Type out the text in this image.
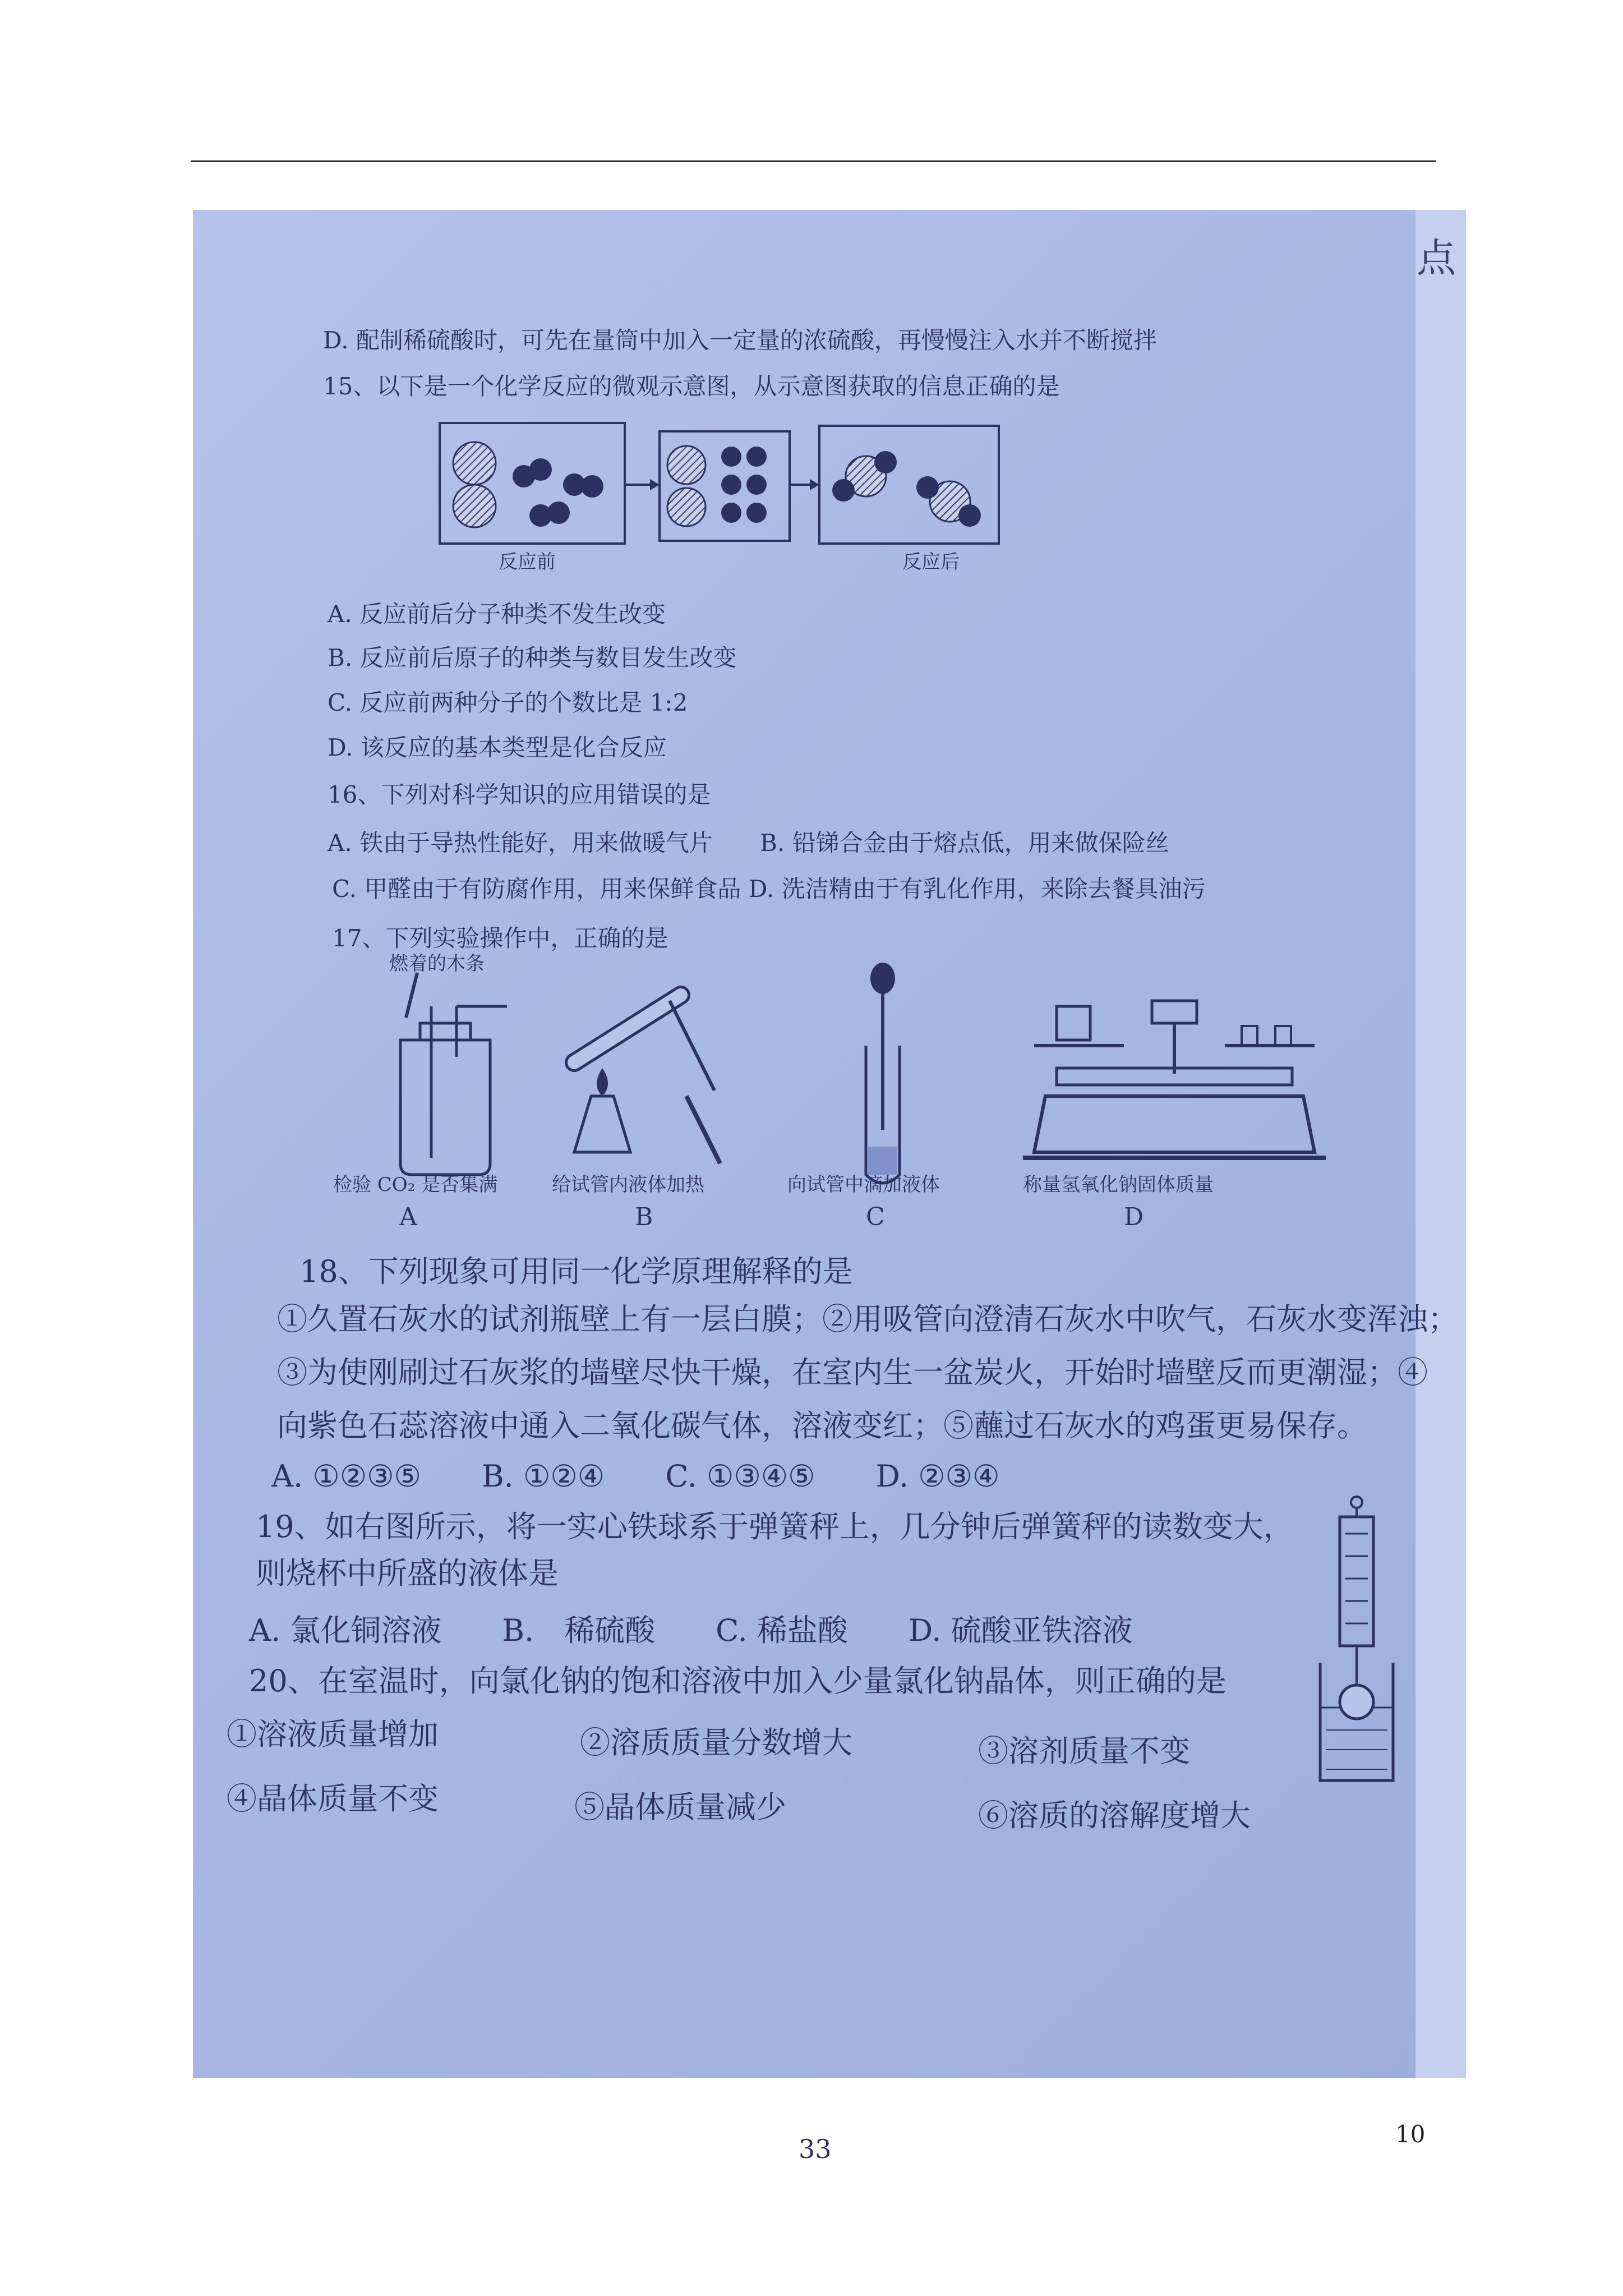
点
D. 配制稀硫酸时，可先在量筒中加入一定量的浓硫酸，再慢慢注入水并不断搅拌
15、以下是一个化学反应的微观示意图，从示意图获取的信息正确的是
反应前	反应后
A. 反应前后分子种类不发生改变
B. 反应前后原子的种类与数目发生改变
C. 反应前两种分子的个数比是 1:2
D. 该反应的基本类型是化合反应
16、下列对科学知识的应用错误的是
A. 铁由于导热性能好，用来做暖气片　　B. 铅锑合金由于熔点低，用来做保险丝
C. 甲醛由于有防腐作用，用来保鲜食品 D. 洗洁精由于有乳化作用，来除去餐具油污
17、下列实验操作中，正确的是
燃着的木条
检验 CO₂ 是否集满	给试管内液体加热	向试管中滴加液体	称量氢氧化钠固体质量
A	B	C	D
18、下列现象可用同一化学原理解释的是
①久置石灰水的试剂瓶壁上有一层白膜；②用吸管向澄清石灰水中吹气，石灰水变浑浊；
③为使刚刷过石灰浆的墙壁尽快干燥，在室内生一盆炭火，开始时墙壁反而更潮湿；④
向紫色石蕊溶液中通入二氧化碳气体，溶液变红；⑤蘸过石灰水的鸡蛋更易保存。
A. ①②③⑤　　B. ①②④　　C. ①③④⑤　　D. ②③④
19、如右图所示，将一实心铁球系于弹簧秤上，几分钟后弹簧秤的读数变大，
则烧杯中所盛的液体是
A. 氯化铜溶液　　B.　稀硫酸　　C. 稀盐酸　　D. 硫酸亚铁溶液
20、在室温时，向氯化钠的饱和溶液中加入少量氯化钠晶体，则正确的是
①溶液质量增加	②溶质质量分数增大	③溶剂质量不变
④晶体质量不变	⑤晶体质量减少	⑥溶质的溶解度增大
33	10
